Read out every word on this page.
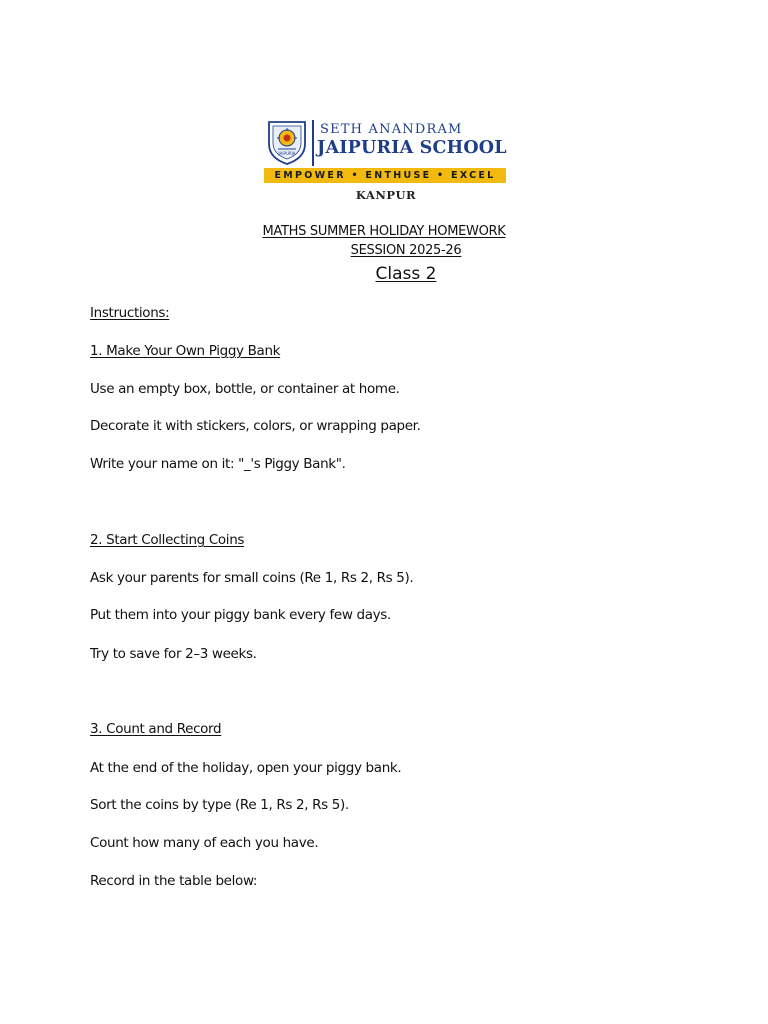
JAIPURIA
SETH ANANDRAM
JAIPURIA SCHOOL
EMPOWER • ENTHUSE • EXCEL
KANPUR
MATHS SUMMER HOLIDAY HOMEWORK
SESSION 2025-26
Class 2
Instructions:
1. Make Your Own Piggy Bank
Use an empty box, bottle, or container at home.
Decorate it with stickers, colors, or wrapping paper.
Write your name on it: "_'s Piggy Bank".
2. Start Collecting Coins
Ask your parents for small coins (Re 1, Rs 2, Rs 5).
Put them into your piggy bank every few days.
Try to save for 2–3 weeks.
3. Count and Record
At the end of the holiday, open your piggy bank.
Sort the coins by type (Re 1, Rs 2, Rs 5).
Count how many of each you have.
Record in the table below:
